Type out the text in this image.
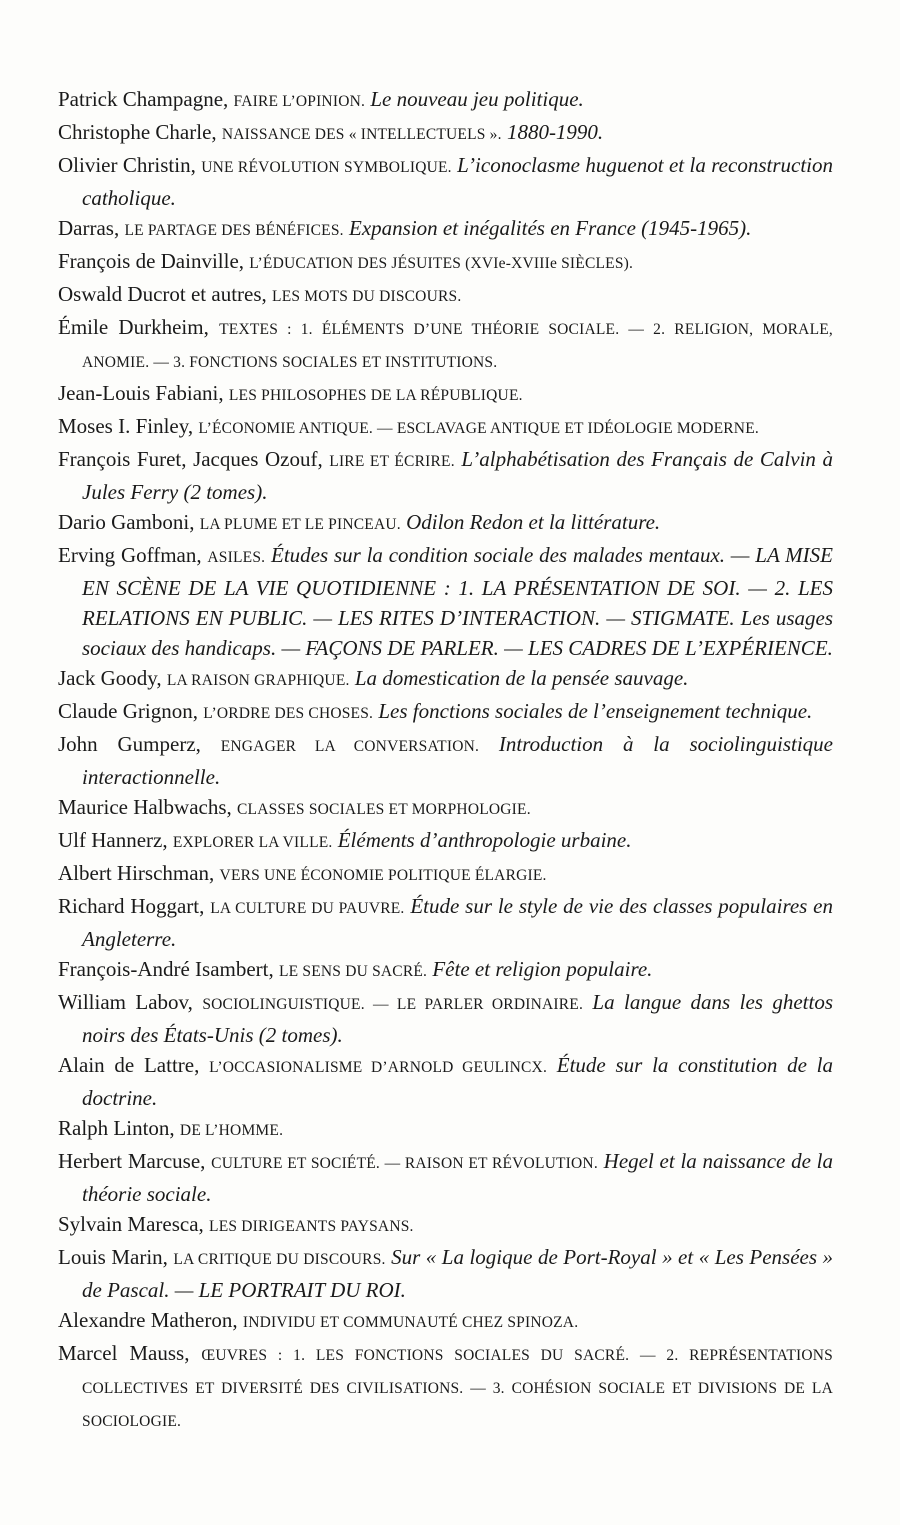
Patrick Champagne, FAIRE L’OPINION. Le nouveau jeu politique.

Christophe Charle, NAISSANCE DES « INTELLECTUELS ». 1880-1990.

Olivier Christin, UNE RÉVOLUTION SYMBOLIQUE. L’iconoclasme huguenot et la reconstruction catholique.

Darras, LE PARTAGE DES BÉNÉFICES. Expansion et inégalités en France (1945-1965).

François de Dainville, L’ÉDUCATION DES JÉSUITES (XVIe-XVIIIe SIÈCLES).

Oswald Ducrot et autres, LES MOTS DU DISCOURS.

Émile Durkheim, TEXTES : 1. ÉLÉMENTS D’UNE THÉORIE SOCIALE. — 2. RELIGION, MORALE, ANOMIE. — 3. FONCTIONS SOCIALES ET INSTITUTIONS.

Jean-Louis Fabiani, LES PHILOSOPHES DE LA RÉPUBLIQUE.

Moses I. Finley, L’ÉCONOMIE ANTIQUE. — ESCLAVAGE ANTIQUE ET IDÉOLOGIE MODERNE.

François Furet, Jacques Ozouf, LIRE ET ÉCRIRE. L’alphabétisation des Français de Calvin à Jules Ferry (2 tomes).

Dario Gamboni, LA PLUME ET LE PINCEAU. Odilon Redon et la littérature.

Erving Goffman, ASILES. Études sur la condition sociale des malades mentaux. — LA MISE EN SCÈNE DE LA VIE QUOTIDIENNE : 1. LA PRÉSENTATION DE SOI. — 2. LES RELATIONS EN PUBLIC. — LES RITES D’INTERACTION. — STIGMATE. Les usages sociaux des handicaps. — FAÇONS DE PARLER. — LES CADRES DE L’EXPÉRIENCE.

Jack Goody, LA RAISON GRAPHIQUE. La domestication de la pensée sauvage.

Claude Grignon, L’ORDRE DES CHOSES. Les fonctions sociales de l’enseignement technique.

John Gumperz, ENGAGER LA CONVERSATION. Introduction à la sociolinguistique interactionnelle.

Maurice Halbwachs, CLASSES SOCIALES ET MORPHOLOGIE.

Ulf Hannerz, EXPLORER LA VILLE. Éléments d’anthropologie urbaine.

Albert Hirschman, VERS UNE ÉCONOMIE POLITIQUE ÉLARGIE.

Richard Hoggart, LA CULTURE DU PAUVRE. Étude sur le style de vie des classes populaires en Angleterre.

François-André Isambert, LE SENS DU SACRÉ. Fête et religion populaire.

William Labov, SOCIOLINGUISTIQUE. — LE PARLER ORDINAIRE. La langue dans les ghettos noirs des États-Unis (2 tomes).

Alain de Lattre, L’OCCASIONALISME D’ARNOLD GEULINCX. Étude sur la constitution de la doctrine.

Ralph Linton, DE L’HOMME.

Herbert Marcuse, CULTURE ET SOCIÉTÉ. — RAISON ET RÉVOLUTION. Hegel et la naissance de la théorie sociale.

Sylvain Maresca, LES DIRIGEANTS PAYSANS.

Louis Marin, LA CRITIQUE DU DISCOURS. Sur « La logique de Port-Royal » et « Les Pensées » de Pascal. — LE PORTRAIT DU ROI.

Alexandre Matheron, INDIVIDU ET COMMUNAUTÉ CHEZ SPINOZA.

Marcel Mauss, ŒUVRES : 1. LES FONCTIONS SOCIALES DU SACRÉ. — 2. REPRÉSENTATIONS COLLECTIVES ET DIVERSITÉ DES CIVILISATIONS. — 3. COHÉSION SOCIALE ET DIVISIONS DE LA SOCIOLOGIE.
